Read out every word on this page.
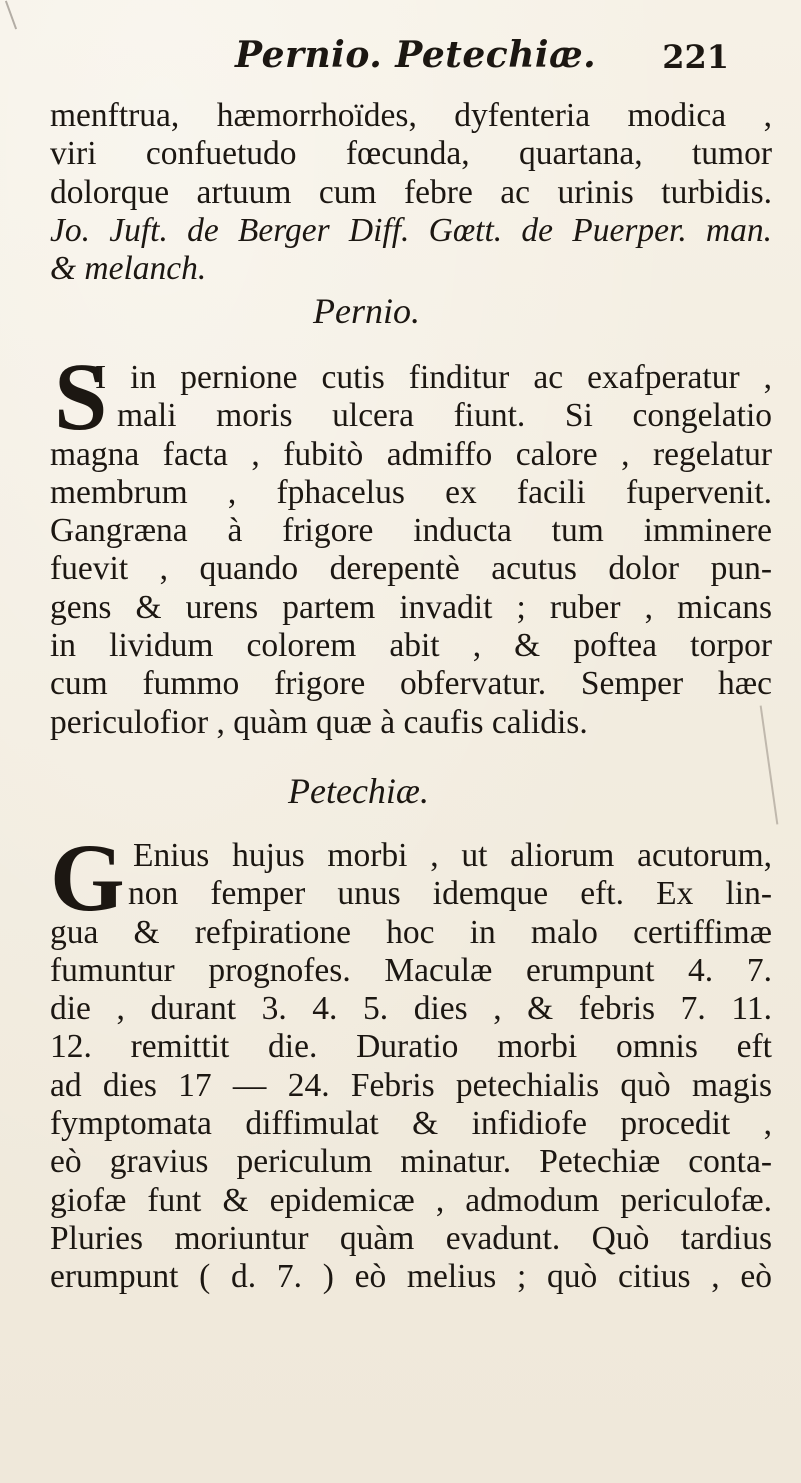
Pernio. Petechiæ. 221
menftrua, hæmorrhoïdes, dyfenteria modica ,
viri confuetudo fœcunda, quartana, tumor
dolorque artuum cum febre ac urinis turbidis.
Jo. Juft. de Berger Diff. Gœtt. de Puerper. man.
& melanch.
Pernio.
S
I in pernione cutis finditur ac exafperatur ,
mali moris ulcera fiunt. Si congelatio
magna facta , fubitò admiffo calore , regelatur
membrum , fphacelus ex facili fupervenit.
Gangræna à frigore inducta tum imminere
fuevit , quando derepentè acutus dolor pun-
gens & urens partem invadit ; ruber , micans
in lividum colorem abit , & poftea torpor
cum fummo frigore obfervatur. Semper hæc
periculofior , quàm quæ à caufis calidis.
Petechiæ.
G Enius hujus morbi , ut aliorum acutorum,
non femper unus idemque eft. Ex lin-
gua & refpiratione hoc in malo certiffimæ
fumuntur prognofes. Maculæ erumpunt 4. 7.
die , durant 3. 4. 5. dies , & febris 7. 11.
12. remittit die. Duratio morbi omnis eft
ad dies 17 — 24. Febris petechialis quò magis
fymptomata diffimulat & infidiofe procedit ,
eò gravius periculum minatur. Petechiæ conta-
giofæ funt & epidemicæ , admodum periculofæ.
Pluries moriuntur quàm evadunt. Quò tardius
erumpunt ( d. 7. ) eò melius ; quò citius , eò
